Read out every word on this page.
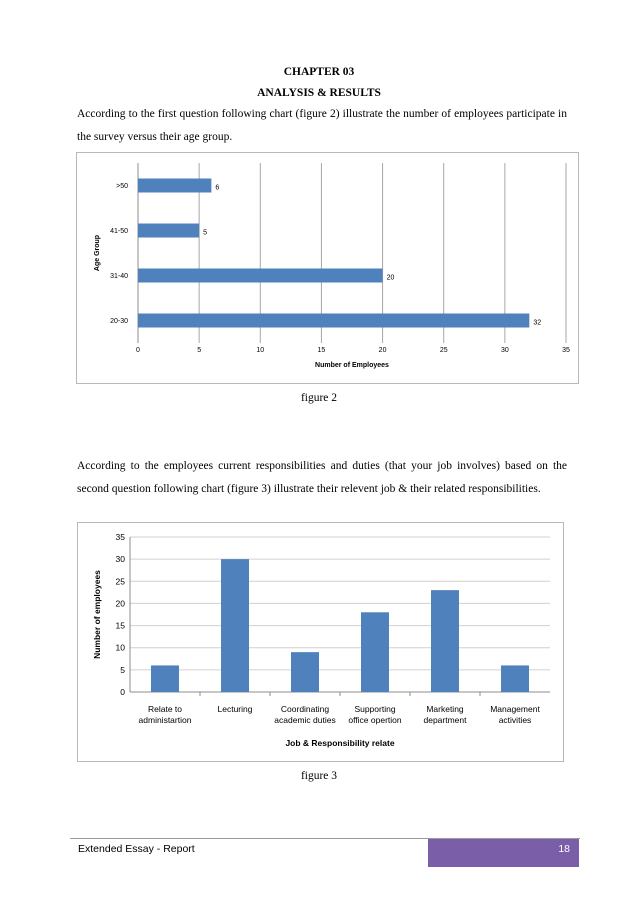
CHAPTER 03
ANALYSIS & RESULTS
According to the first question following chart (figure 2) illustrate the number of employees participate in the survey versus their age group.
0	5	10	15	20	25	30	35
20-30	32
31-40	20
41-50	5
>50	6
Number of Employees
Age Group
figure 2
According to the employees current responsibilities and duties (that your job involves) based on the second question following chart (figure 3) illustrate their relevent job & their related responsibilities.
0
5
10
15
20
25
30
35
Relate to
administartion
Lecturing	Coordinating
academic duties
Supporting
office opertion
Marketing
department
Management
activities
Job & Responsibility relate
Number of employees
figure 3
Extended Essay - Report	18
